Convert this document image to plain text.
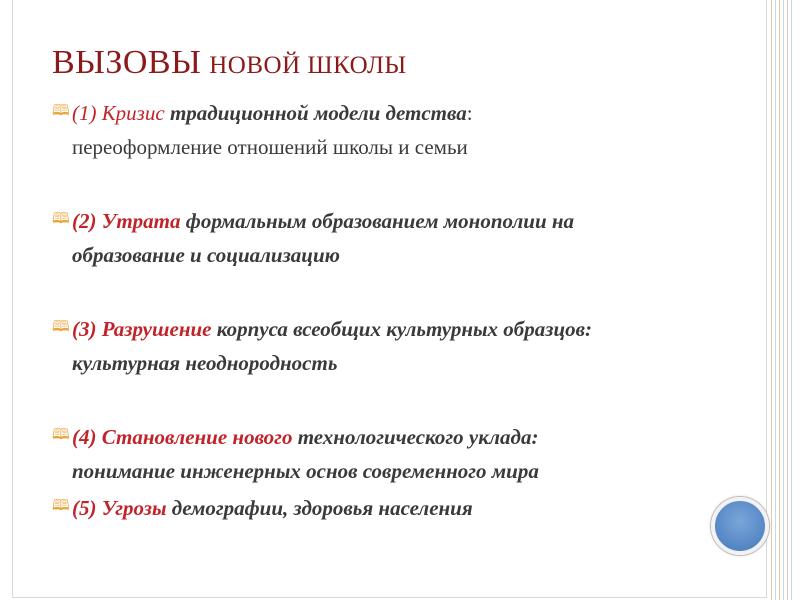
ВЫЗОВЫ НОВОЙ ШКОЛЫ
🕮 (1) Кризис традиционной модели детства:
переоформление отношений школы и семьи
🕮 (2) Утрата формальным образованием монополии на
образование и социализацию
🕮 (3) Разрушение корпуса всеобщих культурных образцов:
культурная неоднородность
🕮 (4) Становление нового технологического уклада:
понимание инженерных основ современного мира
🕮 (5) Угрозы демографии, здоровья населения
